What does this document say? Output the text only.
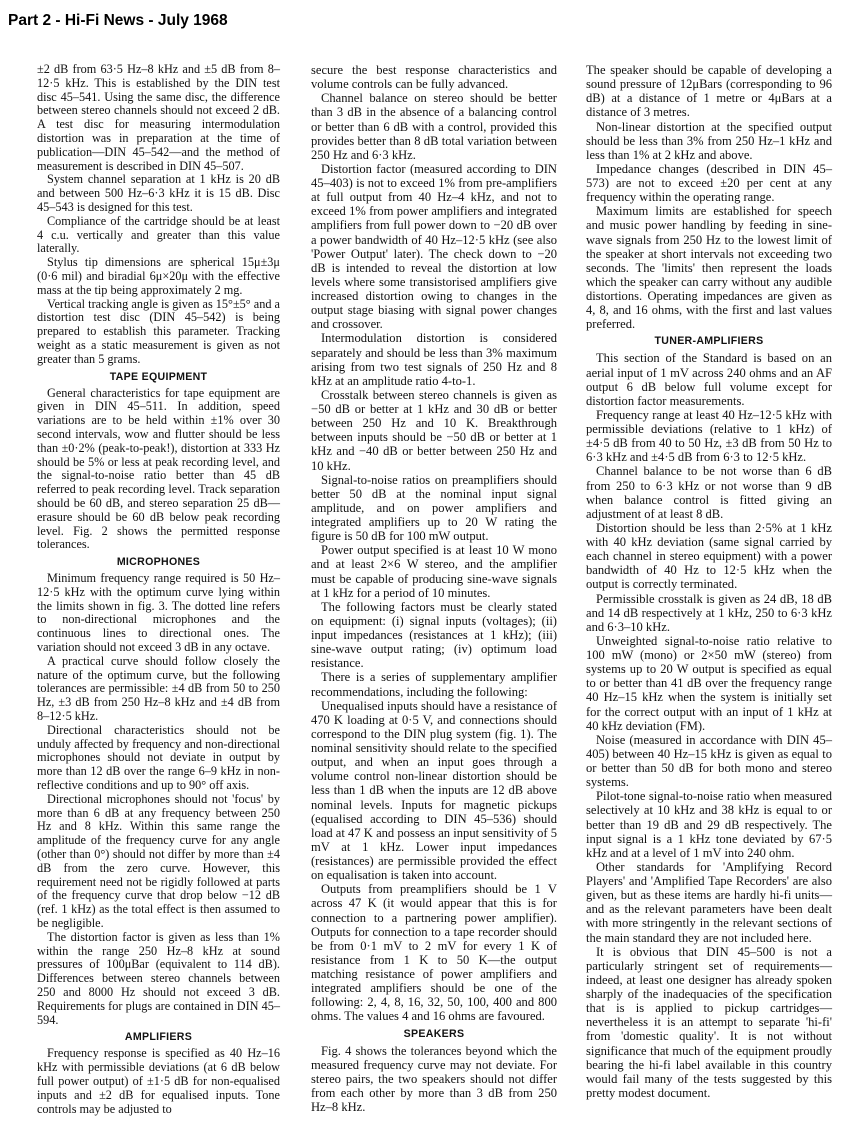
Part 2 - Hi-Fi News - July 1968

±2 dB from 63·5 Hz–8 kHz and ±5 dB from 8–12·5 kHz. This is established by the DIN test disc 45–541. Using the same disc, the difference between stereo channels should not exceed 2 dB. A test disc for measuring intermodulation distortion was in preparation at the time of publication—DIN 45–542—and the method of measurement is described in DIN 45–507.

System channel separation at 1 kHz is 20 dB and between 500 Hz–6·3 kHz it is 15 dB. Disc 45–543 is designed for this test.

Compliance of the cartridge should be at least 4 c.u. vertically and greater than this value laterally.

Stylus tip dimensions are spherical 15μ±3μ (0·6 mil) and biradial 6μ×20μ with the effective mass at the tip being approximately 2 mg.

Vertical tracking angle is given as 15°±5° and a distortion test disc (DIN 45–542) is being prepared to establish this parameter. Tracking weight as a static measurement is given as not greater than 5 grams.

TAPE EQUIPMENT

General characteristics for tape equipment are given in DIN 45–511. In addition, speed variations are to be held within ±1% over 30 second intervals, wow and flutter should be less than ±0·2% (peak-to-peak!), distortion at 333 Hz should be 5% or less at peak recording level, and the signal-to-noise ratio better than 45 dB referred to peak recording level. Track separation should be 60 dB, and stereo separation 25 dB—erasure should be 60 dB below peak recording level. Fig. 2 shows the permitted response tolerances.

MICROPHONES

Minimum frequency range required is 50 Hz–12·5 kHz with the optimum curve lying within the limits shown in fig. 3. The dotted line refers to non-directional microphones and the continuous lines to directional ones. The variation should not exceed 3 dB in any octave.

A practical curve should follow closely the nature of the optimum curve, but the following tolerances are permissible: ±4 dB from 50 to 250 Hz, ±3 dB from 250 Hz–8 kHz and ±4 dB from 8–12·5 kHz.

Directional characteristics should not be unduly affected by frequency and non-directional microphones should not deviate in output by more than 12 dB over the range 6–9 kHz in non-reflective conditions and up to 90° off axis.

Directional microphones should not 'focus' by more than 6 dB at any frequency between 250 Hz and 8 kHz. Within this same range the amplitude of the frequency curve for any angle (other than 0°) should not differ by more than ±4 dB from the zero curve. However, this requirement need not be rigidly followed at parts of the frequency curve that drop below −12 dB (ref. 1 kHz) as the total effect is then assumed to be negligible.

The distortion factor is given as less than 1% within the range 250 Hz–8 kHz at sound pressures of 100μBar (equivalent to 114 dB). Differences between stereo channels between 250 and 8000 Hz should not exceed 3 dB. Requirements for plugs are contained in DIN 45–594.

AMPLIFIERS

Frequency response is specified as 40 Hz–16 kHz with permissible deviations (at 6 dB below full power output) of ±1·5 dB for non-equalised inputs and ±2 dB for equalised inputs. Tone controls may be adjusted to

secure the best response characteristics and volume controls can be fully advanced.

Channel balance on stereo should be better than 3 dB in the absence of a balancing control or better than 6 dB with a control, provided this provides better than 8 dB total variation between 250 Hz and 6·3 kHz.

Distortion factor (measured according to DIN 45–403) is not to exceed 1% from pre-amplifiers at full output from 40 Hz–4 kHz, and not to exceed 1% from power amplifiers and integrated amplifiers from full power down to −20 dB over a power bandwidth of 40 Hz–12·5 kHz (see also 'Power Output' later). The check down to −20 dB is intended to reveal the distortion at low levels where some transistorised amplifiers give increased distortion owing to changes in the output stage biasing with signal power changes and crossover.

Intermodulation distortion is considered separately and should be less than 3% maximum arising from two test signals of 250 Hz and 8 kHz at an amplitude ratio 4-to-1.

Crosstalk between stereo channels is given as −50 dB or better at 1 kHz and 30 dB or better between 250 Hz and 10 K. Breakthrough between inputs should be −50 dB or better at 1 kHz and −40 dB or better between 250 Hz and 10 kHz.

Signal-to-noise ratios on preamplifiers should better 50 dB at the nominal input signal amplitude, and on power amplifiers and integrated amplifiers up to 20 W rating the figure is 50 dB for 100 mW output.

Power output specified is at least 10 W mono and at least 2×6 W stereo, and the amplifier must be capable of producing sine-wave signals at 1 kHz for a period of 10 minutes.

The following factors must be clearly stated on equipment: (i) signal inputs (voltages); (ii) input impedances (resistances at 1 kHz); (iii) sine-wave output rating; (iv) optimum load resistance.

There is a series of supplementary amplifier recommendations, including the following:

Unequalised inputs should have a resistance of 470 K loading at 0·5 V, and connections should correspond to the DIN plug system (fig. 1). The nominal sensitivity should relate to the specified output, and when an input goes through a volume control non-linear distortion should be less than 1 dB when the inputs are 12 dB above nominal levels. Inputs for magnetic pickups (equalised according to DIN 45–536) should load at 47 K and possess an input sensitivity of 5 mV at 1 kHz. Lower input impedances (resistances) are permissible provided the effect on equalisation is taken into account.

Outputs from preamplifiers should be 1 V across 47 K (it would appear that this is for connection to a partnering power amplifier). Outputs for connection to a tape recorder should be from 0·1 mV to 2 mV for every 1 K of resistance from 1 K to 50 K—the output matching resistance of power amplifiers and integrated amplifiers should be one of the following: 2, 4, 8, 16, 32, 50, 100, 400 and 800 ohms. The values 4 and 16 ohms are favoured.

SPEAKERS

Fig. 4 shows the tolerances beyond which the measured frequency curve may not deviate. For stereo pairs, the two speakers should not differ from each other by more than 3 dB from 250 Hz–8 kHz.

The speaker should be capable of developing a sound pressure of 12μBars (corresponding to 96 dB) at a distance of 1 metre or 4μBars at a distance of 3 metres.

Non-linear distortion at the specified output should be less than 3% from 250 Hz–1 kHz and less than 1% at 2 kHz and above.

Impedance changes (described in DIN 45–573) are not to exceed ±20 per cent at any frequency within the operating range.

Maximum limits are established for speech and music power handling by feeding in sine-wave signals from 250 Hz to the lowest limit of the speaker at short intervals not exceeding two seconds. The 'limits' then represent the loads which the speaker can carry without any audible distortions. Operating impedances are given as 4, 8, and 16 ohms, with the first and last values preferred.

TUNER-AMPLIFIERS

This section of the Standard is based on an aerial input of 1 mV across 240 ohms and an AF output 6 dB below full volume except for distortion factor measurements.

Frequency range at least 40 Hz–12·5 kHz with permissible deviations (relative to 1 kHz) of ±4·5 dB from 40 to 50 Hz, ±3 dB from 50 Hz to 6·3 kHz and ±4·5 dB from 6·3 to 12·5 kHz.

Channel balance to be not worse than 6 dB from 250 to 6·3 kHz or not worse than 9 dB when balance control is fitted giving an adjustment of at least 8 dB.

Distortion should be less than 2·5% at 1 kHz with 40 kHz deviation (same signal carried by each channel in stereo equipment) with a power bandwidth of 40 Hz to 12·5 kHz when the output is correctly terminated.

Permissible crosstalk is given as 24 dB, 18 dB and 14 dB respectively at 1 kHz, 250 to 6·3 kHz and 6·3–10 kHz.

Unweighted signal-to-noise ratio relative to 100 mW (mono) or 2×50 mW (stereo) from systems up to 20 W output is specified as equal to or better than 41 dB over the frequency range 40 Hz–15 kHz when the system is initially set for the correct output with an input of 1 kHz at 40 kHz deviation (FM).

Noise (measured in accordance with DIN 45–405) between 40 Hz–15 kHz is given as equal to or better than 50 dB for both mono and stereo systems.

Pilot-tone signal-to-noise ratio when measured selectively at 10 kHz and 38 kHz is equal to or better than 19 dB and 29 dB respectively. The input signal is a 1 kHz tone deviated by 67·5 kHz and at a level of 1 mV into 240 ohm.

Other standards for 'Amplifying Record Players' and 'Amplified Tape Recorders' are also given, but as these items are hardly hi-fi units—and as the relevant parameters have been dealt with more stringently in the relevant sections of the main standard they are not included here.

It is obvious that DIN 45–500 is not a particularly stringent set of requirements—indeed, at least one designer has already spoken sharply of the inadequacies of the specification that is is applied to pickup cartridges—nevertheless it is an attempt to separate 'hi-fi' from 'domestic quality'. It is not without significance that much of the equipment proudly bearing the hi-fi label available in this country would fail many of the tests suggested by this pretty modest document.
